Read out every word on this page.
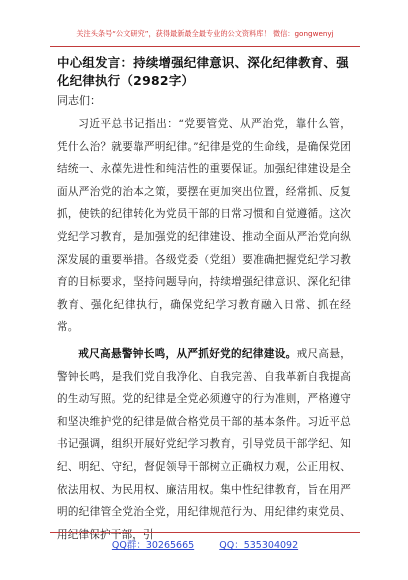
关注头条号“公文研究”，获得最新最全最专业的公文资料库！ 微信：gongwenyj

中心组发言：持续增强纪律意识、深化纪律教育、强化纪律执行（2982字）

同志们：

习近平总书记指出：“党要管党、从严治党，靠什么管，凭什么治？就要靠严明纪律。”纪律是党的生命线，是确保党团结统一、永葆先进性和纯洁性的重要保证。加强纪律建设是全面从严治党的治本之策，要摆在更加突出位置，经常抓、反复抓，使铁的纪律转化为党员干部的日常习惯和自觉遵循。这次党纪学习教育，是加强党的纪律建设、推动全面从严治党向纵深发展的重要举措。各级党委（党组）要准确把握党纪学习教育的目标要求，坚持问题导向，持续增强纪律意识、深化纪律教育、强化纪律执行，确保党纪学习教育融入日常、抓在经常。

戒尺高悬警钟长鸣，从严抓好党的纪律建设。戒尺高悬，警钟长鸣，是我们党自我净化、自我完善、自我革新自我提高的生动写照。党的纪律是全党必须遵守的行为准则，严格遵守和坚决维护党的纪律是做合格党员干部的基本条件。习近平总书记强调，组织开展好党纪学习教育，引导党员干部学纪、知纪、明纪、守纪，督促领导干部树立正确权力观，公正用权、依法用权、为民用权、廉洁用权。集中性纪律教育，旨在用严明的纪律管全党治全党，用纪律规范行为、用纪律约束党员、用纪律保护干部，引

QQ群：30265665	QQ：535304092
